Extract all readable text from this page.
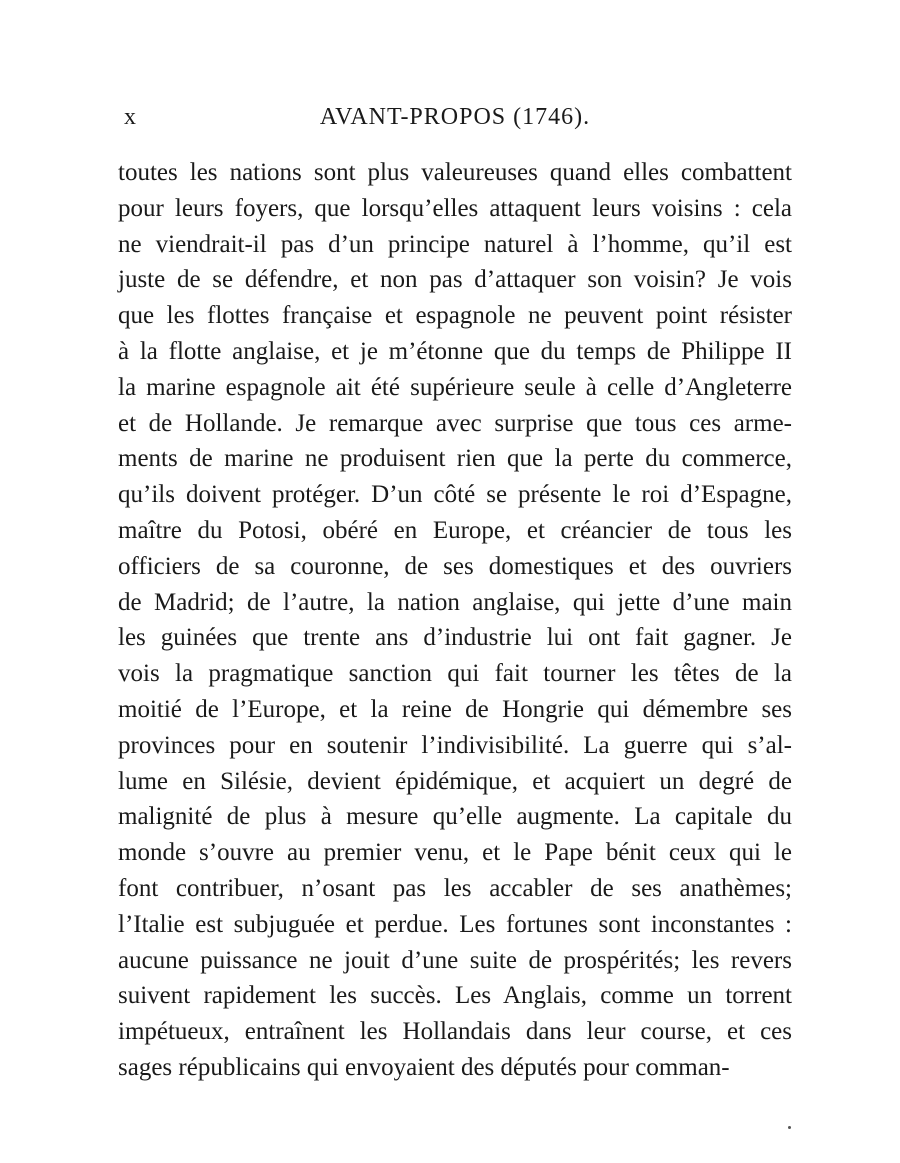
x	AVANT-PROPOS (1746).
toutes les nations sont plus valeureuses quand elles combattent
pour leurs foyers, que lorsqu’elles attaquent leurs voisins : cela
ne viendrait-il pas d’un principe naturel à l’homme, qu’il est
juste de se défendre, et non pas d’attaquer son voisin? Je vois
que les flottes française et espagnole ne peuvent point résister
à la flotte anglaise, et je m’étonne que du temps de Philippe II
la marine espagnole ait été supérieure seule à celle d’Angleterre
et de Hollande. Je remarque avec surprise que tous ces arme-
ments de marine ne produisent rien que la perte du commerce,
qu’ils doivent protéger. D’un côté se présente le roi d’Espagne,
maître du Potosi, obéré en Europe, et créancier de tous les
officiers de sa couronne, de ses domestiques et des ouvriers
de Madrid; de l’autre, la nation anglaise, qui jette d’une main
les guinées que trente ans d’industrie lui ont fait gagner. Je
vois la pragmatique sanction qui fait tourner les têtes de la
moitié de l’Europe, et la reine de Hongrie qui démembre ses
provinces pour en soutenir l’indivisibilité. La guerre qui s’al-
lume en Silésie, devient épidémique, et acquiert un degré de
malignité de plus à mesure qu’elle augmente. La capitale du
monde s’ouvre au premier venu, et le Pape bénit ceux qui le
font contribuer, n’osant pas les accabler de ses anathèmes;
l’Italie est subjuguée et perdue. Les fortunes sont inconstantes :
aucune puissance ne jouit d’une suite de prospérités; les revers
suivent rapidement les succès. Les Anglais, comme un torrent
impétueux, entraînent les Hollandais dans leur course, et ces
sages républicains qui envoyaient des députés pour comman-
